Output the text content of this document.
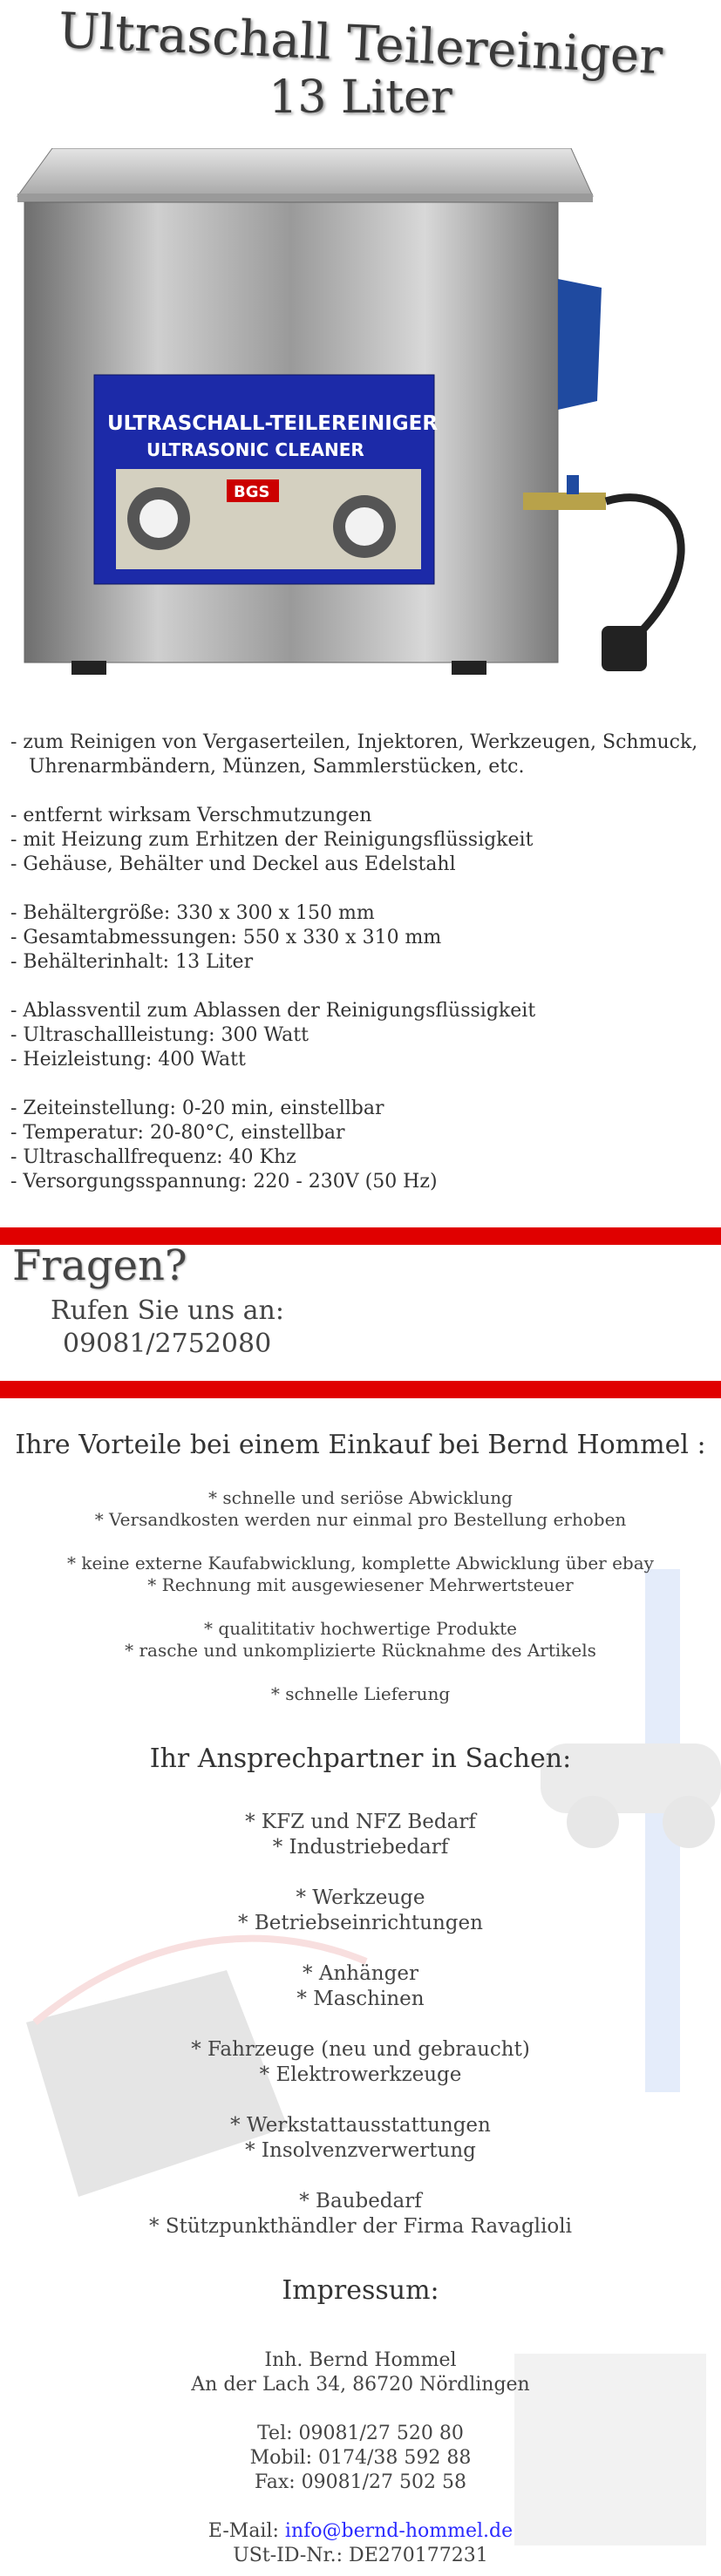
Ultraschall Teilereiniger
13 Liter
ULTRASCHALL-TEILEREINIGER
ULTRASONIC CLEANER
BGS
- zum Reinigen von Vergaserteilen, Injektoren, Werkzeugen, Schmuck,
Uhrenarmbändern, Münzen, Sammlerstücken, etc.
- entfernt wirksam Verschmutzungen
- mit Heizung zum Erhitzen der Reinigungsflüssigkeit
- Gehäuse, Behälter und Deckel aus Edelstahl
- Behältergröße: 330 x 300 x 150 mm
- Gesamtabmessungen: 550 x 330 x 310 mm
- Behälterinhalt: 13 Liter
- Ablassventil zum Ablassen der Reinigungsflüssigkeit
- Ultraschallleistung: 300 Watt
- Heizleistung: 400 Watt
- Zeiteinstellung: 0-20 min, einstellbar
- Temperatur: 20-80°C, einstellbar
- Ultraschallfrequenz: 40 Khz
- Versorgungsspannung: 220 - 230V (50 Hz)
Fragen?
Rufen Sie uns an:
09081/2752080
Ihre Vorteile bei einem Einkauf bei Bernd Hommel :
* schnelle und seriöse Abwicklung
* Versandkosten werden nur einmal pro Bestellung erhoben
* keine externe Kaufabwicklung, komplette Abwicklung über ebay
* Rechnung mit ausgewiesener Mehrwertsteuer
* qualititativ hochwertige Produkte
* rasche und unkomplizierte Rücknahme des Artikels
* schnelle Lieferung
Ihr Ansprechpartner in Sachen:
* KFZ und NFZ Bedarf
* Industriebedarf
* Werkzeuge
* Betriebseinrichtungen
* Anhänger
* Maschinen
* Fahrzeuge (neu und gebraucht)
* Elektrowerkzeuge
* Werkstattausstattungen
* Insolvenzverwertung
* Baubedarf
* Stützpunkthändler der Firma Ravaglioli
Impressum:
Inh. Bernd Hommel
An der Lach 34, 86720 Nördlingen
Tel: 09081/27 520 80
Mobil: 0174/38 592 88
Fax: 09081/27 502 58
E-Mail: info@bernd-hommel.de
USt-ID-Nr.: DE270177231
